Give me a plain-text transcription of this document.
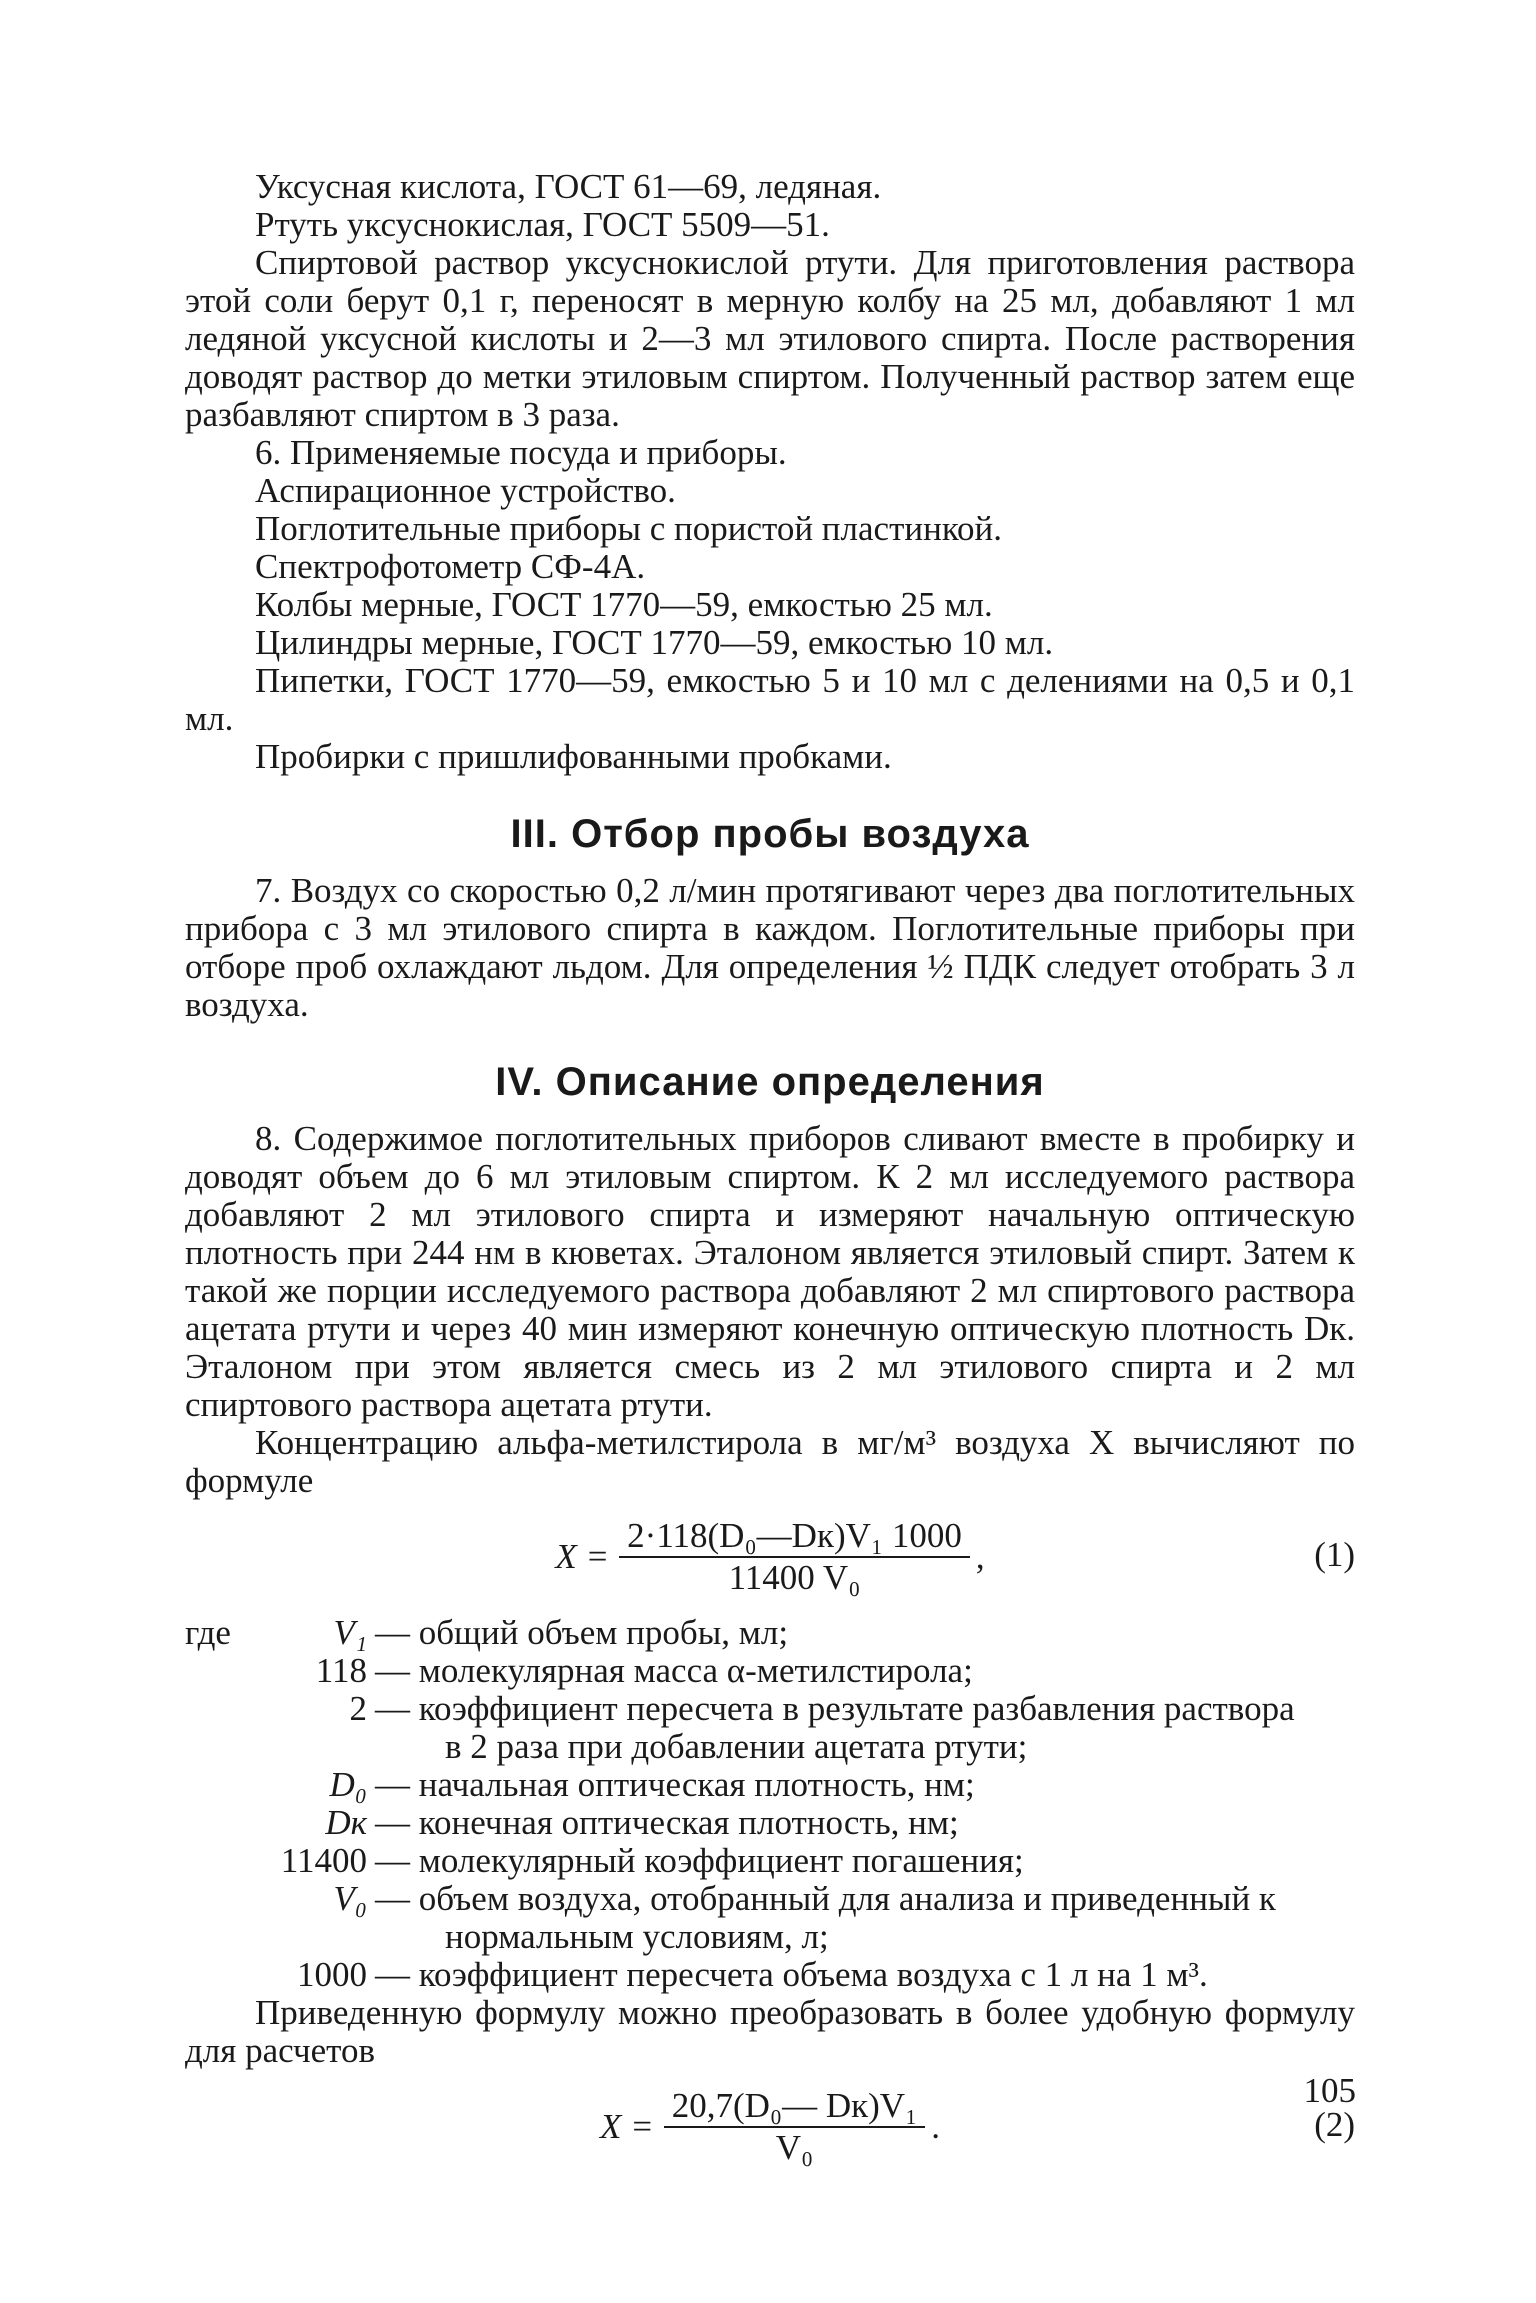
Уксусная кислота, ГОСТ 61—69, ледяная.

Ртуть уксуснокислая, ГОСТ 5509—51.

Спиртовой раствор уксуснокислой ртути. Для приготовления раствора этой соли берут 0,1 г, переносят в мерную колбу на 25 мл, добавляют 1 мл ледяной уксусной кислоты и 2—3 мл этилового спирта. После растворения доводят раствор до метки этиловым спиртом. Полученный раствор затем еще разбавляют спиртом в 3 раза.

6. Применяемые посуда и приборы.

Аспирационное устройство.

Поглотительные приборы с пористой пластинкой.

Спектрофотометр СФ-4А.

Колбы мерные, ГОСТ 1770—59, емкостью 25 мл.

Цилиндры мерные, ГОСТ 1770—59, емкостью 10 мл.

Пипетки, ГОСТ 1770—59, емкостью 5 и 10 мл с делениями на 0,5 и 0,1 мл.

Пробирки с пришлифованными пробками.

III. Отбор пробы воздуха

7. Воздух со скоростью 0,2 л/мин протягивают через два поглотительных прибора с 3 мл этилового спирта в каждом. Поглотительные приборы при отборе проб охлаждают льдом. Для определения ½ ПДК следует отобрать 3 л воздуха.

IV. Описание определения

8. Содержимое поглотительных приборов сливают вместе в пробирку и доводят объем до 6 мл этиловым спиртом. К 2 мл исследуемого раствора добавляют 2 мл этилового спирта и измеряют начальную оптическую плотность при 244 нм в кюветах. Эталоном является этиловый спирт. Затем к такой же порции исследуемого раствора добавляют 2 мл спиртового раствора ацетата ртути и через 40 мин измеряют конечную оптическую плотность Dк. Эталоном при этом является смесь из 2 мл этилового спирта и 2 мл спиртового раствора ацетата ртути.

Концентрацию альфа-метилстирола в мг/м³ воздуха X вычисляют по формуле

$X = \frac{\text{2·118(D₀—Dк)V₁ 1000}}{\text{11400 V₀}}$ ,	(1)
где	V₁ — общий объем пробы, мл;
118 — молекулярная масса α-метилстирола;
2 — коэффициент пересчета в результате разбавления раствора
в 2 раза при добавлении ацетата ртути;
D₀ — начальная оптическая плотность, нм;
Dк — конечная оптическая плотность, нм;
11400 — молекулярный коэффициент погашения;
V₀ — объем воздуха, отобранный для анализа и приведенный к
нормальным условиям, л;
1000 — коэффициент пересчета объема воздуха с 1 л на 1 м³.

Приведенную формулу можно преобразовать в более удобную формулу для расчетов

$X = \frac{\text{20,7(D₀— Dк)V₁}}{\text{V₀}}$ .	(2)
105
